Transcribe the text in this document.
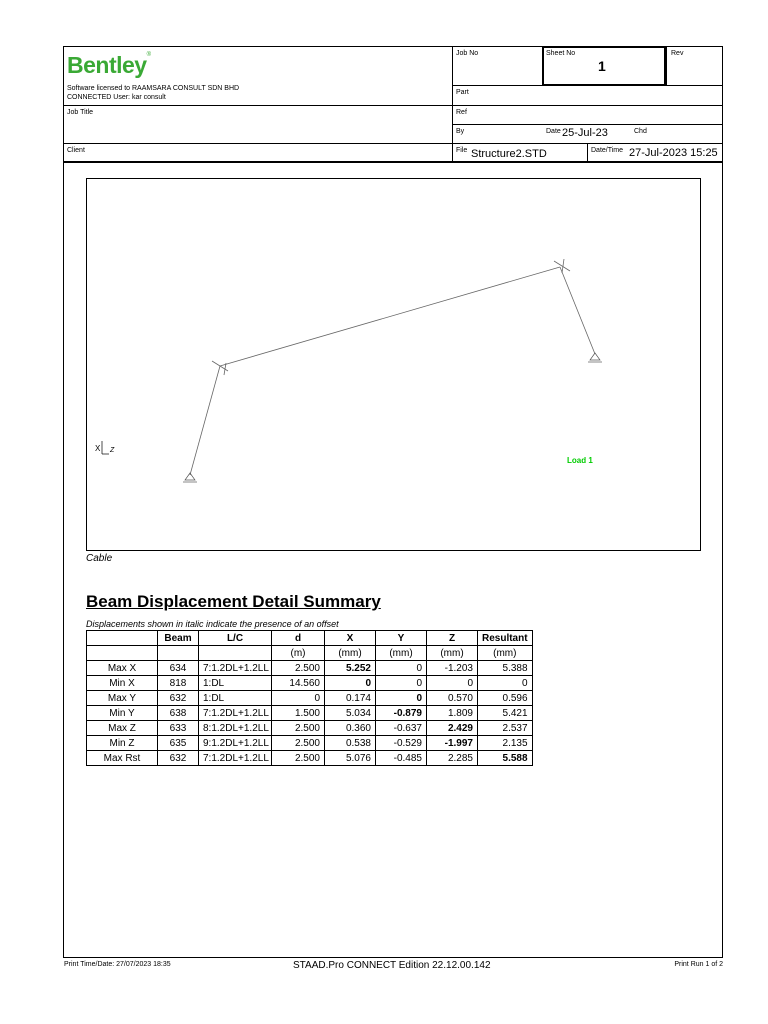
Bentley®
Software licensed to RAAMSARA CONSULT SDN BHD
CONNECTED User: kar consult
Job No	Sheet No
1
Rev
Part
Job Title	Ref
By	Date 25-Jul-23	Chd
Client	File Structure2.STD	Date/Time 27-Jul-2023 15:25
X Z
Load 1
Cable
Beam Displacement Detail Summary
Displacements shown in italic indicate the presence of an offset
	Beam	L/C	d	X	Y	Z	Resultant
			(m)	(mm)	(mm)	(mm)	(mm)
Max X	634	7:1.2DL+1.2LL	2.500	5.252	0	-1.203	5.388
Min X	818	1:DL	14.560	0	0	0	0
Max Y	632	1:DL	0	0.174	0	0.570	0.596
Min Y	638	7:1.2DL+1.2LL	1.500	5.034	-0.879	1.809	5.421
Max Z	633	8:1.2DL+1.2LL	2.500	0.360	-0.637	2.429	2.537
Min Z	635	9:1.2DL+1.2LL	2.500	0.538	-0.529	-1.997	2.135
Max Rst	632	7:1.2DL+1.2LL	2.500	5.076	-0.485	2.285	5.588
Print Time/Date: 27/07/2023 18:35	STAAD.Pro CONNECT Edition 22.12.00.142	Print Run 1 of 2
